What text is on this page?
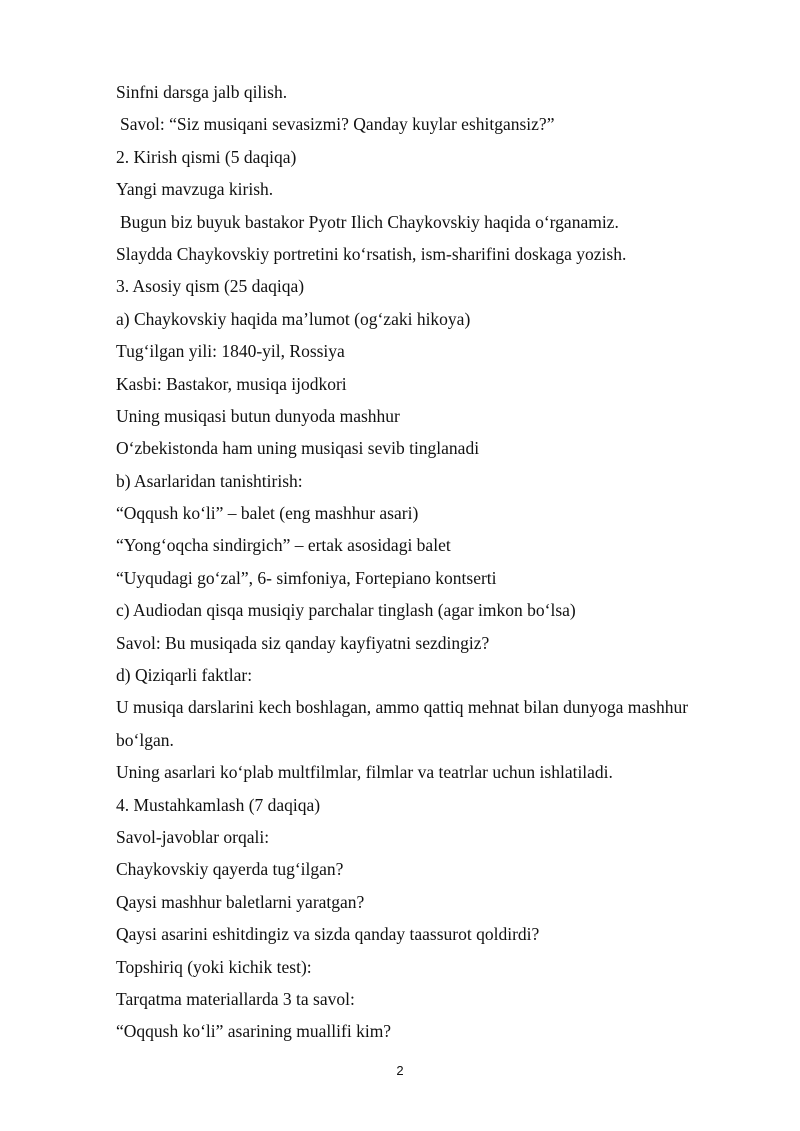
Sinfni darsga jalb qilish.
Savol: “Siz musiqani sevasizmi? Qanday kuylar eshitgansiz?”
2. Kirish qismi (5 daqiqa)
Yangi mavzuga kirish.
Bugun biz buyuk bastakor Pyotr Ilich Chaykovskiy haqida o‘rganamiz.
Slaydda Chaykovskiy portretini ko‘rsatish, ism-sharifini doskaga yozish.
3. Asosiy qism (25 daqiqa)
a) Chaykovskiy haqida ma’lumot (og‘zaki hikoya)
Tug‘ilgan yili: 1840-yil, Rossiya
Kasbi: Bastakor, musiqa ijodkori
Uning musiqasi butun dunyoda mashhur
O‘zbekistonda ham uning musiqasi sevib tinglanadi
b) Asarlaridan tanishtirish:
“Oqqush ko‘li” – balet (eng mashhur asari)
“Yong‘oqcha sindirgich” – ertak asosidagi balet
“Uyqudagi go‘zal”, 6- simfoniya, Fortepiano kontserti
c) Audiodan qisqa musiqiy parchalar tinglash (agar imkon bo‘lsa)
Savol: Bu musiqada siz qanday kayfiyatni sezdingiz?
d) Qiziqarli faktlar:
U musiqa darslarini kech boshlagan, ammo qattiq mehnat bilan dunyoga mashhur
bo‘lgan.
Uning asarlari ko‘plab multfilmlar, filmlar va teatrlar uchun ishlatiladi.
4. Mustahkamlash (7 daqiqa)
Savol-javoblar orqali:
Chaykovskiy qayerda tug‘ilgan?
Qaysi mashhur baletlarni yaratgan?
Qaysi asarini eshitdingiz va sizda qanday taassurot qoldirdi?
Topshiriq (yoki kichik test):
Tarqatma materiallarda 3 ta savol:
“Oqqush ko‘li” asarining muallifi kim?
2
